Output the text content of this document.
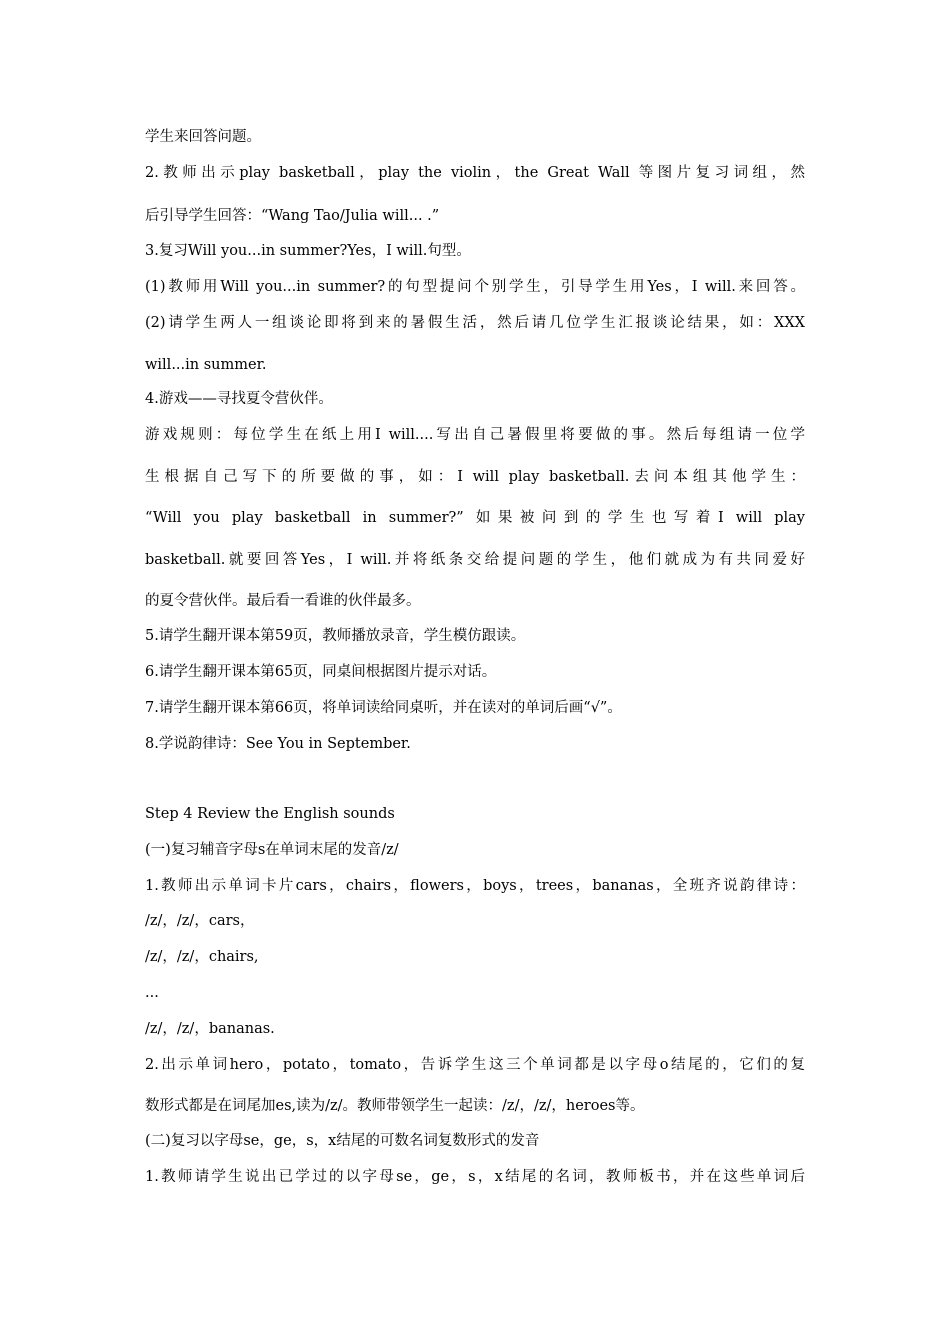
学生来回答问题。
2.教师出示play basketball，play the violin，the Great Wall 等图片复习词组，然
后引导学生回答：“Wang Tao/Julia will... .”
3.复习Will you...in summer?Yes，I will.句型。
(1)教师用Will you...in summer?的句型提问个别学生，引导学生用Yes，I will.来回答。
(2)请学生两人一组谈论即将到来的暑假生活，然后请几位学生汇报谈论结果，如：XXX
will...in summer.
4.游戏——寻找夏令营伙伴。
游戏规则：每位学生在纸上用I will....写出自己暑假里将要做的事。然后每组请一位学
生根据自己写下的所要做的事，如：I will play basketball.去问本组其他学生：
“Will you play basketball in summer?” 如果被问到的学生也写着I will play
basketball.就要回答Yes，I will.并将纸条交给提问题的学生，他们就成为有共同爱好
的夏令营伙伴。最后看一看谁的伙伴最多。
5.请学生翻开课本第59页，教师播放录音，学生模仿跟读。
6.请学生翻开课本第65页，同桌间根据图片提示对话。
7.请学生翻开课本第66页，将单词读给同桌听，并在读对的单词后画“√”。
8.学说韵律诗：See You in September.
Step 4 Review the English sounds
(一)复习辅音字母s在单词末尾的发音/z/
1.教师出示单词卡片cars，chairs，flowers，boys，trees，bananas，全班齐说韵律诗：
/z/，/z/，cars，
/z/，/z/，chairs,
...
/z/，/z/，bananas.
2.出示单词hero，potato，tomato，告诉学生这三个单词都是以字母o结尾的，它们的复
数形式都是在词尾加es,读为/z/。教师带领学生一起读：/z/，/z/，heroes等。
(二)复习以字母se，ge，s，x结尾的可数名词复数形式的发音
1.教师请学生说出已学过的以字母se，ge，s，x结尾的名词，教师板书，并在这些单词后
